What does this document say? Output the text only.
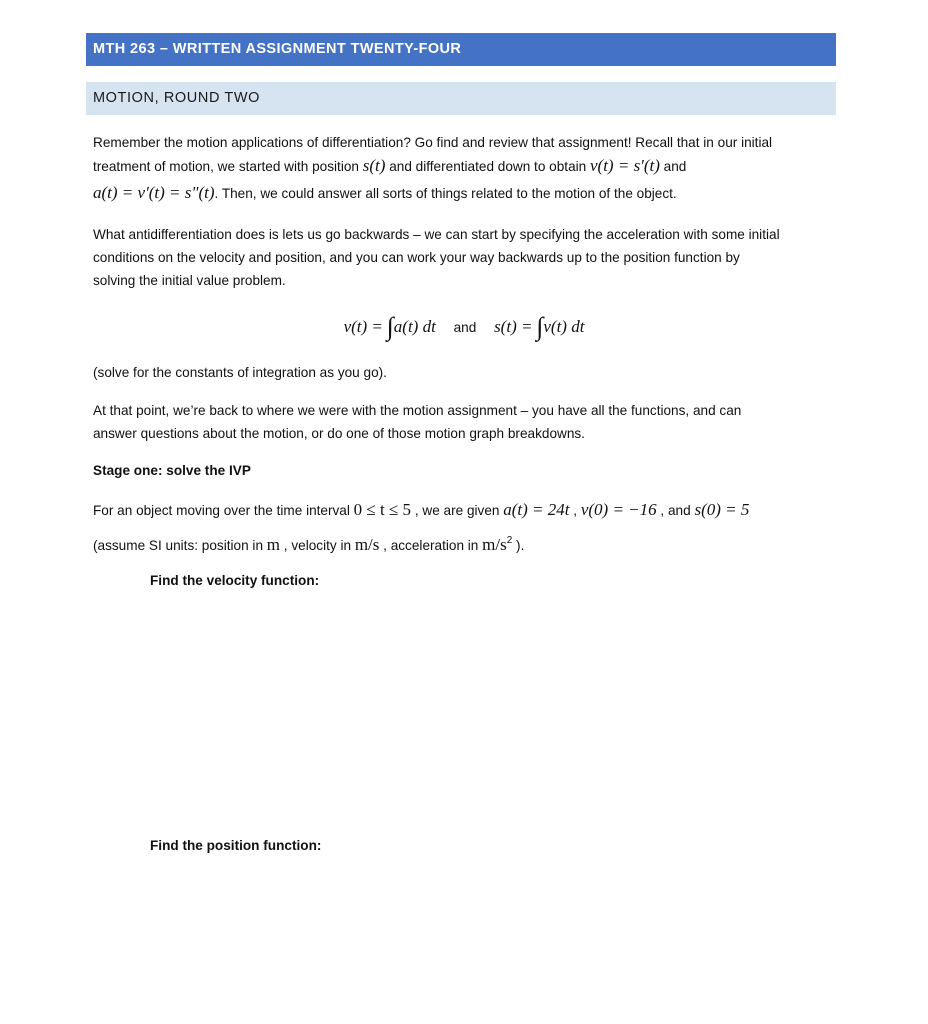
MTH 263 – WRITTEN ASSIGNMENT TWENTY-FOUR
MOTION, ROUND TWO
Remember the motion applications of differentiation? Go find and review that assignment! Recall that in our initial
treatment of motion, we started with position s(t) and differentiated down to obtain v(t) = s'(t) and
a(t) = v'(t) = s"(t). Then, we could answer all sorts of things related to the motion of the object.
What antidifferentiation does is lets us go backwards – we can start by specifying the acceleration with some initial
conditions on the velocity and position, and you can work your way backwards up to the position function by
solving the initial value problem.
v(t) = ∫a(t) dt and s(t) = ∫v(t) dt
(solve for the constants of integration as you go).
At that point, we’re back to where we were with the motion assignment – you have all the functions, and can
answer questions about the motion, or do one of those motion graph breakdowns.
Stage one: solve the IVP
For an object moving over the time interval 0 ≤ t ≤ 5 , we are given a(t) = 24t , v(0) = −16 , and s(0) = 5
(assume SI units: position in m , velocity in m/s , acceleration in $m/s^2$ ).
Find the velocity function:
Find the position function:
